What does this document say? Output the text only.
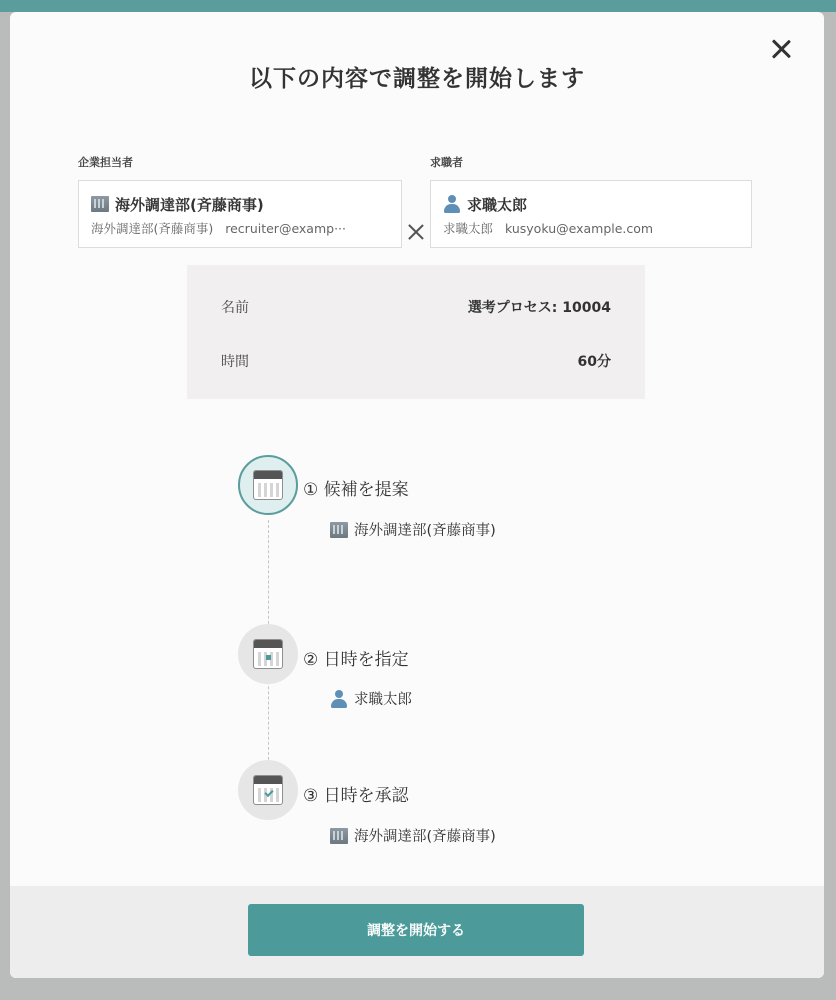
以下の内容で調整を開始します
企業担当者
海外調達部(斉藤商事)
海外調達部(斉藤商事) recruiter@examp···
求職者
求職太郎
求職太郎 kusyoku@example.com
名前	選考プロセス: 10004
時間	60分
① 候補を提案
海外調達部(斉藤商事)
② 日時を指定
求職太郎
③ 日時を承認
海外調達部(斉藤商事)
調整を開始する
